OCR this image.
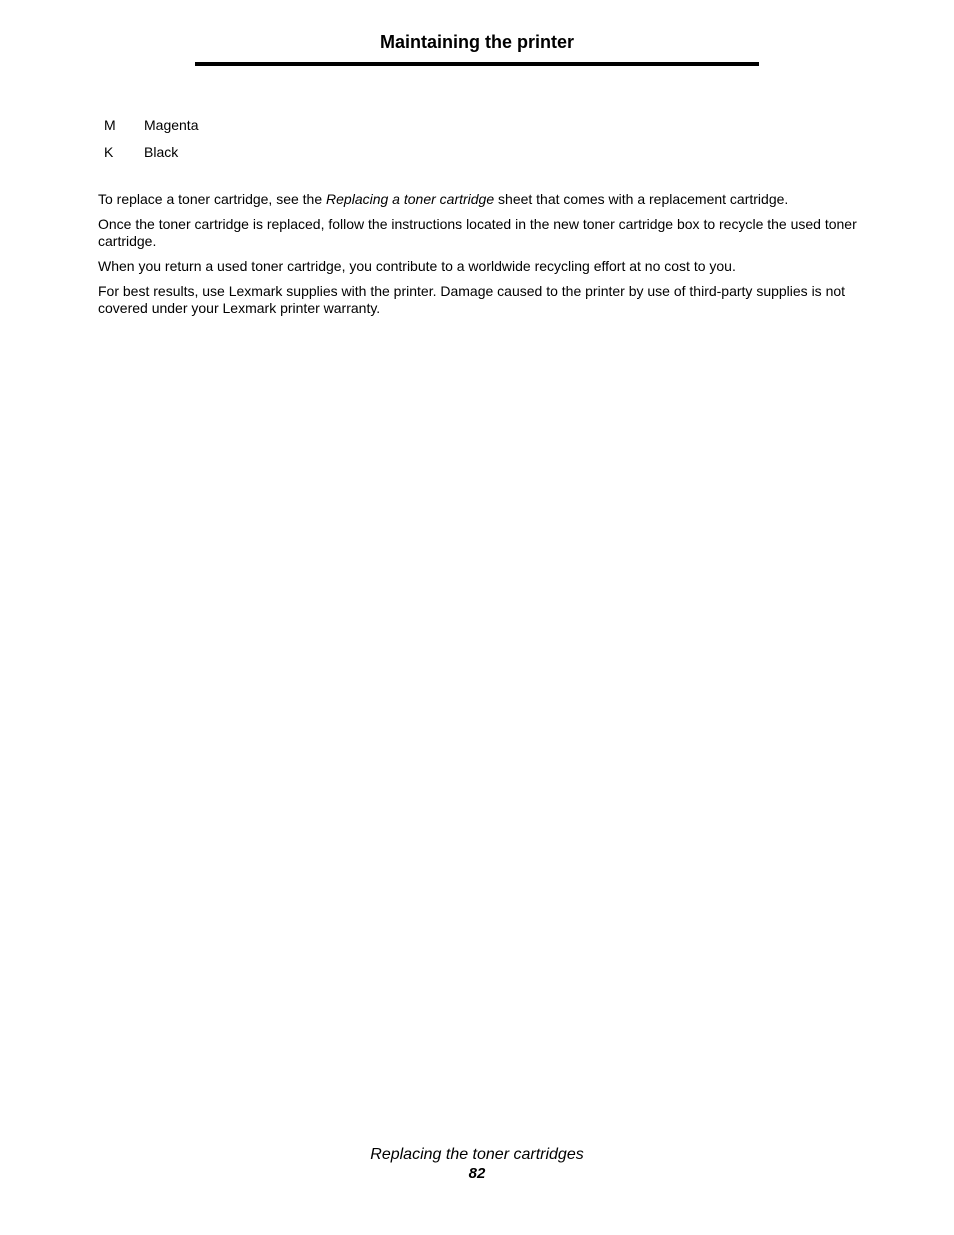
Maintaining the printer
M	Magenta
K	Black

To replace a toner cartridge, see the Replacing a toner cartridge sheet that comes with a replacement cartridge.

Once the toner cartridge is replaced, follow the instructions located in the new toner cartridge box to recycle the used toner cartridge.

When you return a used toner cartridge, you contribute to a worldwide recycling effort at no cost to you.

For best results, use Lexmark supplies with the printer. Damage caused to the printer by use of third-party supplies is not covered under your Lexmark printer warranty.

Replacing the toner cartridges
82
